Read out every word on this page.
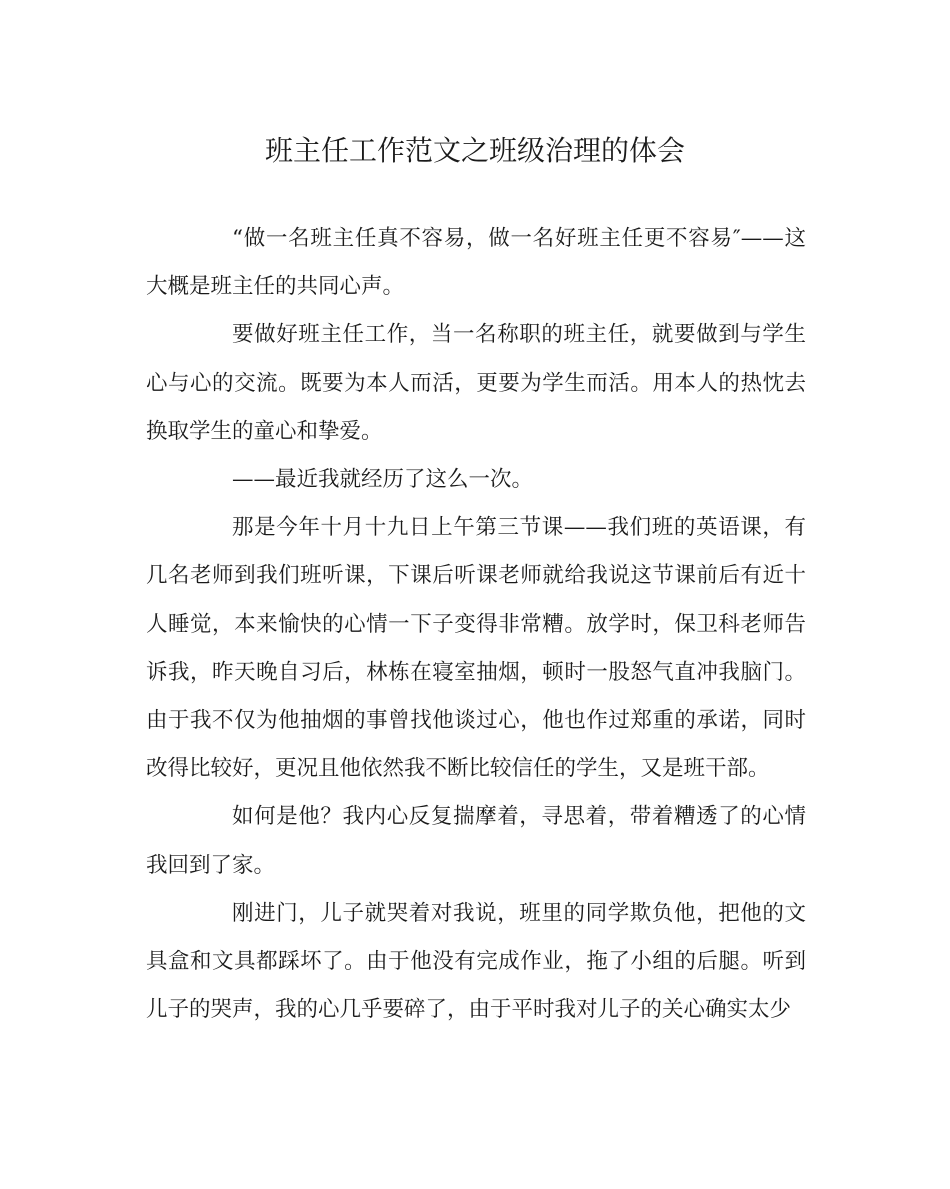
班主任工作范文之班级治理的体会

“做一名班主任真不容易，做一名好班主任更不容易″——这大概是班主任的共同心声。

要做好班主任工作，当一名称职的班主任，就要做到与学生心与心的交流。既要为本人而活，更要为学生而活。用本人的热忱去换取学生的童心和挚爱。

——最近我就经历了这么一次。

那是今年十月十九日上午第三节课——我们班的英语课，有几名老师到我们班听课，下课后听课老师就给我说这节课前后有近十人睡觉，本来愉快的心情一下子变得非常糟。放学时，保卫科老师告诉我，昨天晚自习后，林栋在寝室抽烟，顿时一股怒气直冲我脑门。由于我不仅为他抽烟的事曾找他谈过心，他也作过郑重的承诺，同时改得比较好，更况且他依然我不断比较信任的学生，又是班干部。

如何是他？我内心反复揣摩着，寻思着，带着糟透了的心情我回到了家。

刚进门，儿子就哭着对我说，班里的同学欺负他，把他的文具盒和文具都踩坏了。由于他没有完成作业，拖了小组的后腿。听到儿子的哭声，我的心几乎要碎了，由于平时我对儿子的关心确实太少
